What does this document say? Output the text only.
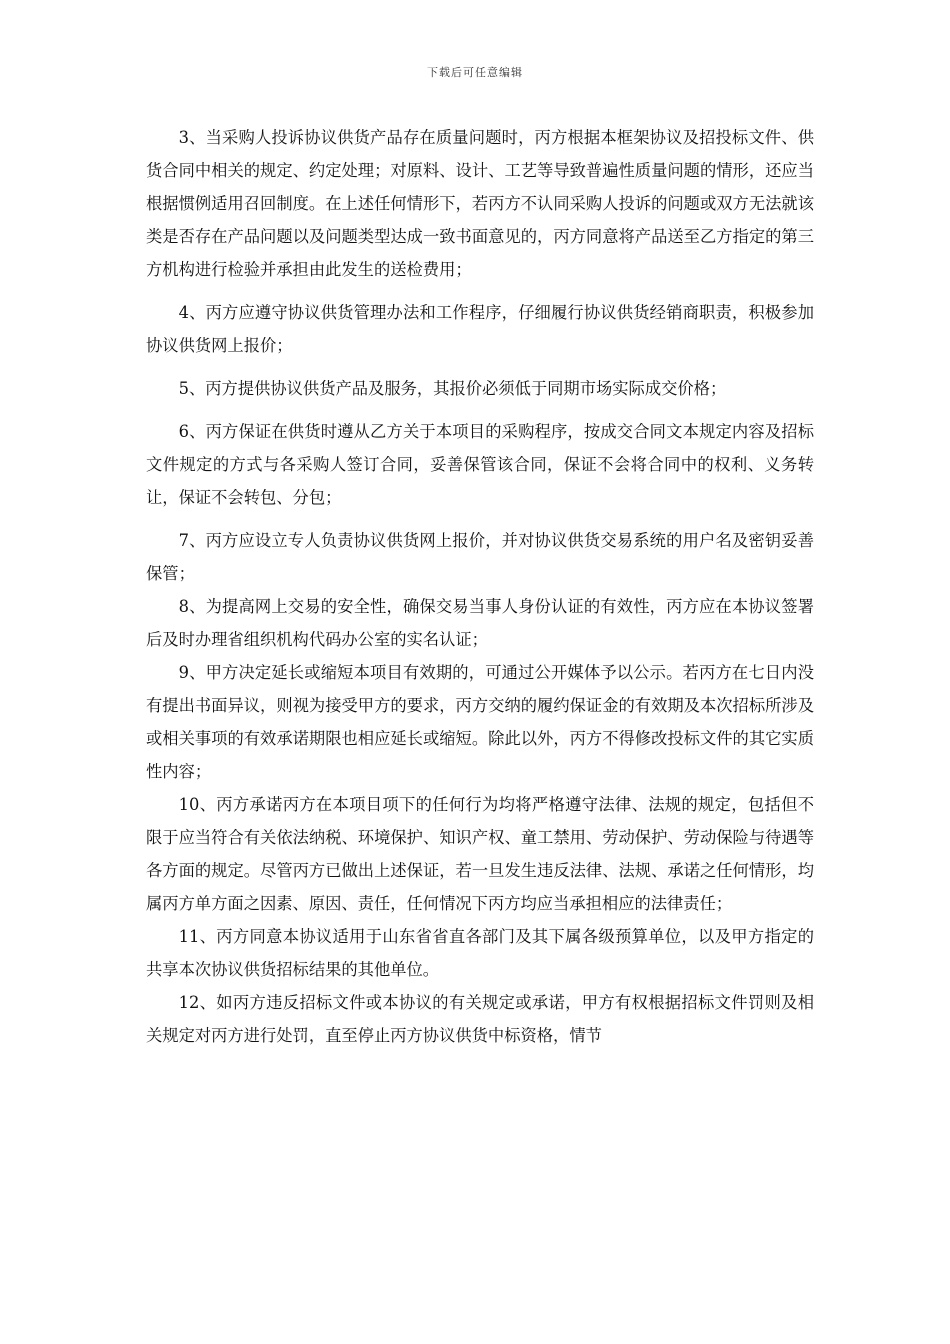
下载后可任意编辑

3、当采购人投诉协议供货产品存在质量问题时，丙方根据本框架协议及招投标文件、供货合同中相关的规定、约定处理；对原料、设计、工艺等导致普遍性质量问题的情形，还应当根据惯例适用召回制度。在上述任何情形下，若丙方不认同采购人投诉的问题或双方无法就该类是否存在产品问题以及问题类型达成一致书面意见的，丙方同意将产品送至乙方指定的第三方机构进行检验并承担由此发生的送检费用；

4、丙方应遵守协议供货管理办法和工作程序，仔细履行协议供货经销商职责，积极参加协议供货网上报价；

5、丙方提供协议供货产品及服务，其报价必须低于同期市场实际成交价格；

6、丙方保证在供货时遵从乙方关于本项目的采购程序，按成交合同文本规定内容及招标文件规定的方式与各采购人签订合同，妥善保管该合同，保证不会将合同中的权利、义务转让，保证不会转包、分包；

7、丙方应设立专人负责协议供货网上报价，并对协议供货交易系统的用户名及密钥妥善保管；

8、为提高网上交易的安全性，确保交易当事人身份认证的有效性，丙方应在本协议签署后及时办理省组织机构代码办公室的实名认证；

9、甲方决定延长或缩短本项目有效期的，可通过公开媒体予以公示。若丙方在七日内没有提出书面异议，则视为接受甲方的要求，丙方交纳的履约保证金的有效期及本次招标所涉及或相关事项的有效承诺期限也相应延长或缩短。除此以外，丙方不得修改投标文件的其它实质性内容；

10、丙方承诺丙方在本项目项下的任何行为均将严格遵守法律、法规的规定，包括但不限于应当符合有关依法纳税、环境保护、知识产权、童工禁用、劳动保护、劳动保险与待遇等各方面的规定。尽管丙方已做出上述保证，若一旦发生违反法律、法规、承诺之任何情形，均属丙方单方面之因素、原因、责任，任何情况下丙方均应当承担相应的法律责任；

11、丙方同意本协议适用于山东省省直各部门及其下属各级预算单位，以及甲方指定的共享本次协议供货招标结果的其他单位。

12、如丙方违反招标文件或本协议的有关规定或承诺，甲方有权根据招标文件罚则及相关规定对丙方进行处罚，直至停止丙方协议供货中标资格，情节
